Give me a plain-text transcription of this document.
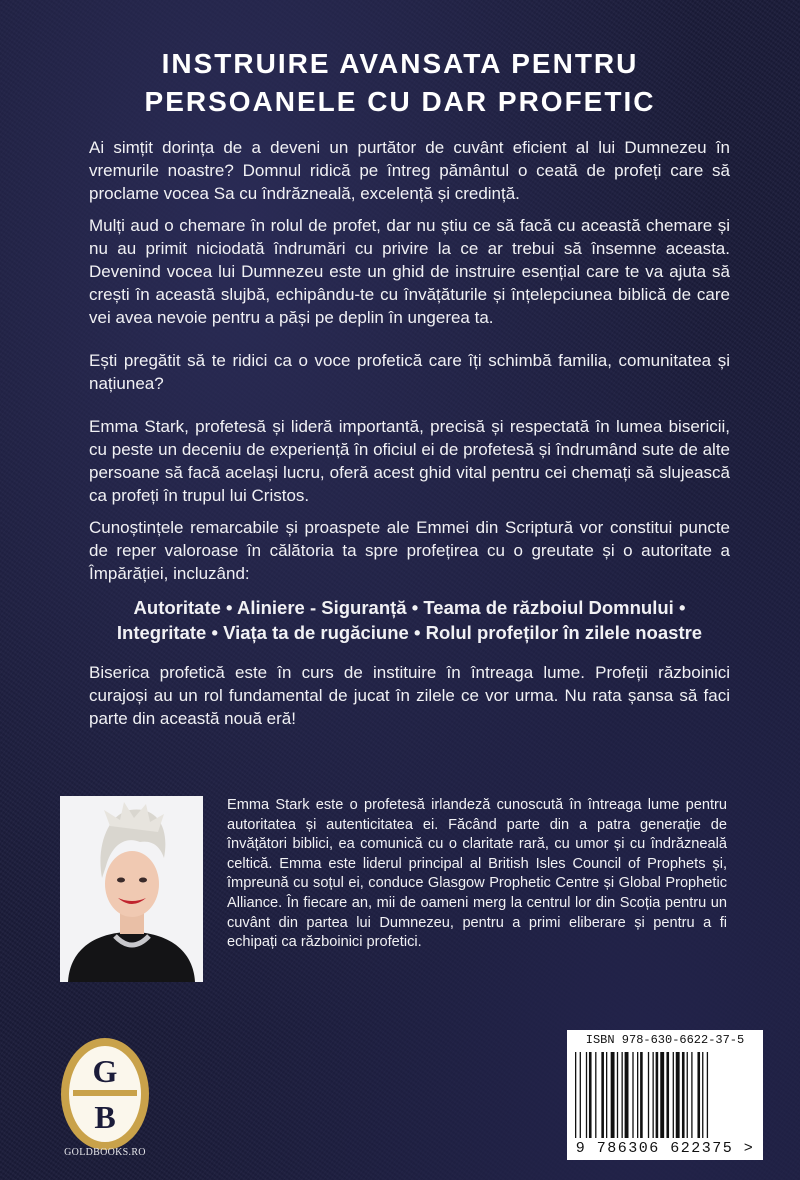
INSTRUIRE AVANSATA PENTRU
PERSOANELE CU DAR PROFETIC

Ai simțit dorința de a deveni un purtător de cuvânt eficient al lui Dumnezeu în vremurile noastre? Domnul ridică pe întreg pământul o ceată de profeți care să proclame vocea Sa cu îndrăzneală, excelență și credință.

Mulți aud o chemare în rolul de profet, dar nu știu ce să facă cu această chemare și nu au primit niciodată îndrumări cu privire la ce ar trebui să însemne aceasta. Devenind vocea lui Dumnezeu este un ghid de instruire esențial care te va ajuta să crești în această slujbă, echipându-te cu învățăturile și înțelepciunea biblică de care vei avea nevoie pentru a păși pe deplin în ungerea ta.

Ești pregătit să te ridici ca o voce profetică care îți schimbă familia, comunitatea și națiunea?

Emma Stark, profetesă și lideră importantă, precisă și respectată în lumea bisericii, cu peste un deceniu de experiență în oficiul ei de profetesă și îndrumând sute de alte persoane să facă același lucru, oferă acest ghid vital pentru cei chemați să slujească ca profeți în trupul lui Cristos.

Cunoștințele remarcabile și proaspete ale Emmei din Scriptură vor constitui puncte de reper valoroase în călătoria ta spre profețirea cu o greutate și o autoritate a Împărăției, incluzând:

Autoritate • Aliniere - Siguranță • Teama de războiul Domnului • Integritate • Viața ta de rugăciune • Rolul profeților în zilele noastre

Biserica profetică este în curs de instituire în întreaga lume. Profeții războinici curajoși au un rol fundamental de jucat în zilele ce vor urma. Nu rata șansa să faci parte din această nouă eră!

Emma Stark este o profetesă irlandeză cunoscută în întreaga lume pentru autoritatea și autenticitatea ei. Făcând parte din a patra generație de învățători biblici, ea comunică cu o claritate rară, cu umor și cu îndrăzneală celtică. Emma este liderul principal al British Isles Council of Prophets și, împreună cu soțul ei, conduce Glasgow Prophetic Centre și Global Prophetic Alliance. În fiecare an, mii de oameni merg la centrul lor din Scoția pentru un cuvânt din partea lui Dumnezeu, pentru a primi eliberare și pentru a fi echipați ca războinici profetici.

G
B
GOLDBOOKS.RO
ISBN 978-630-6622-37-5
9 786306 622375 >
